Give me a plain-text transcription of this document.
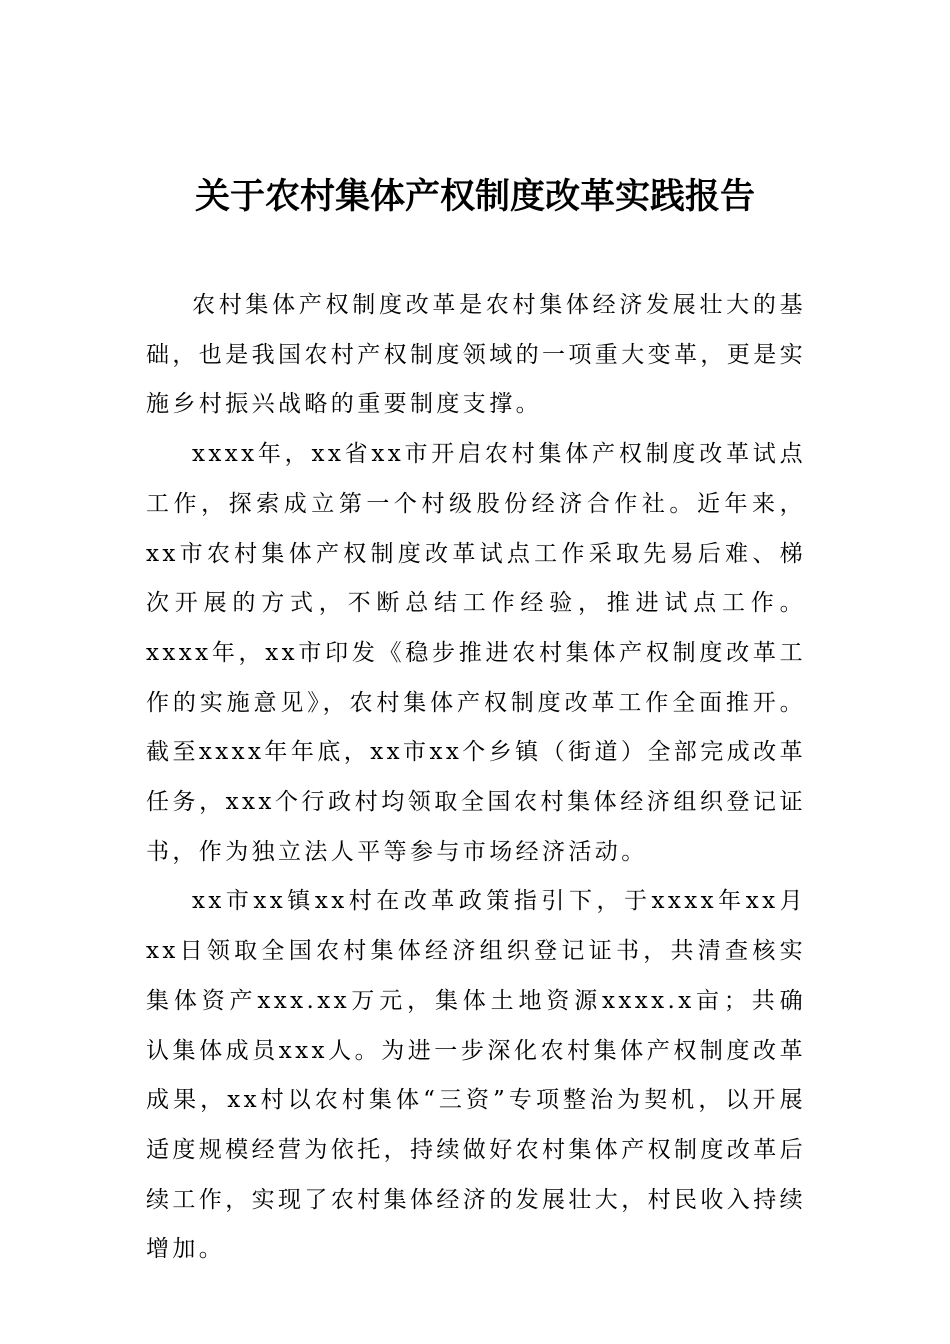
关于农村集体产权制度改革实践报告

农村集体产权制度改革是农村集体经济发展壮大的基础，也是我国农村产权制度领域的一项重大变革，更是实施乡村振兴战略的重要制度支撑。

xxxx年，xx省xx市开启农村集体产权制度改革试点工作，探索成立第一个村级股份经济合作社。近年来，xx市农村集体产权制度改革试点工作采取先易后难、梯次开展的方式，不断总结工作经验，推进试点工作。xxxx年，xx市印发《稳步推进农村集体产权制度改革工作的实施意见》，农村集体产权制度改革工作全面推开。截至xxxx年年底，xx市xx个乡镇（街道）全部完成改革任务，xxx个行政村均领取全国农村集体经济组织登记证书，作为独立法人平等参与市场经济活动。

xx市xx镇xx村在改革政策指引下，于xxxx年xx月xx日领取全国农村集体经济组织登记证书，共清查核实集体资产xxx.xx万元，集体土地资源xxxx.x亩；共确认集体成员xxx人。为进一步深化农村集体产权制度改革成果，xx村以农村集体“三资”专项整治为契机，以开展适度规模经营为依托，持续做好农村集体产权制度改革后续工作，实现了农村集体经济的发展壮大，村民收入持续增加。
